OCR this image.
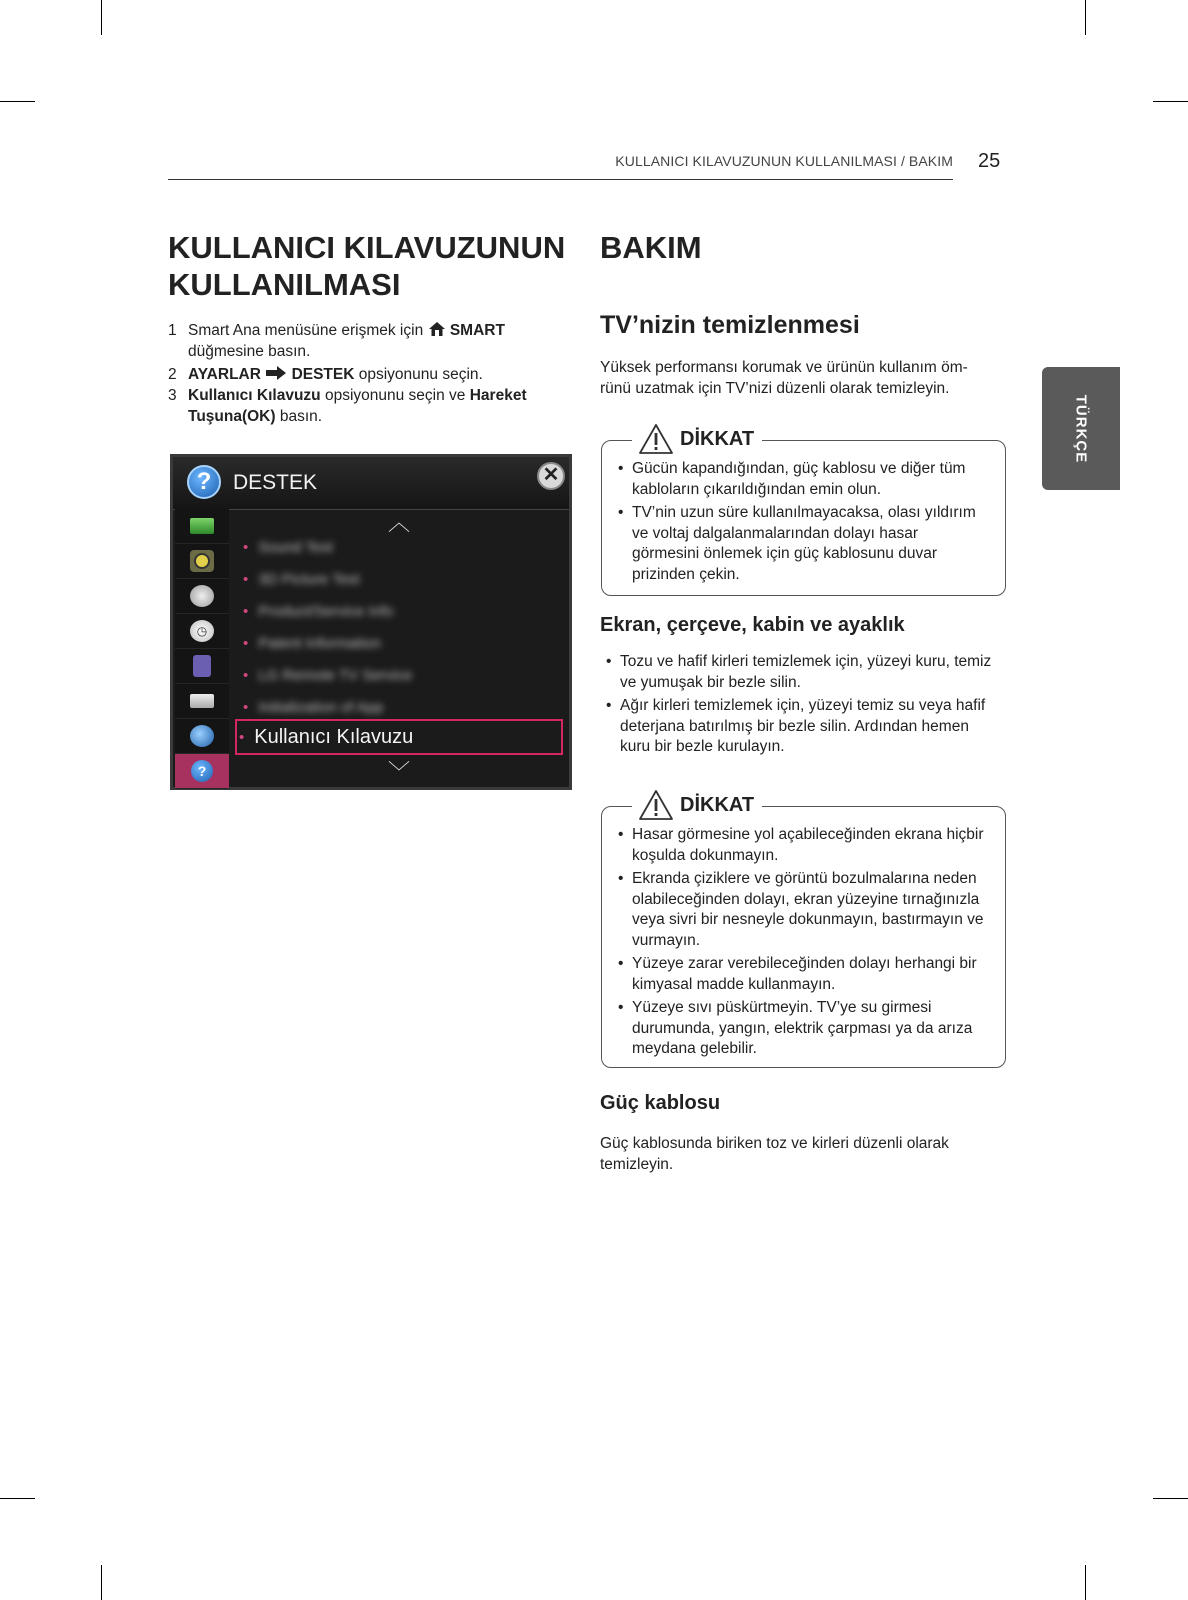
KULLANICI KILAVUZUNUN KULLANILMASI / BAKIM 25
TÜRKÇE
KULLANICI KILAVUZUNUN KULLANILMASI
1 Smart Ana menüsüne erişmek için SMART
düğmesine basın.
2 AYARLAR DESTEK opsiyonunu seçin.
3 Kullanıcı Kılavuzu opsiyonunu seçin ve Hareket Tuşuna(OK) basın.
?	DESTEK	✕
◷
?
︿
• Sound Test
• 3D Picture Test
• Product/Service Info
• Patent Information
• LG Remote TV Service
• Initialization of App
• Kullanıcı Kılavuzu
﹀
BAKIM
TV’nizin temizlenmesi

Yüksek performansı korumak ve ürünün kullanım öm-
rünü uzatmak için TV’nizi düzenli olarak temizleyin.

DİKKAT
• Gücün kapandığından, güç kablosu ve diğer tüm kabloların çıkarıldığından emin olun.
• TV’nin uzun süre kullanılmayacaksa, olası yıldırım ve voltaj dalgalanmalarından dolayı hasar görmesini önlemek için güç kablosunu duvar prizinden çekin.
Ekran, çerçeve, kabin ve ayaklık
• Tozu ve hafif kirleri temizlemek için, yüzeyi kuru, temiz ve yumuşak bir bezle silin.
• Ağır kirleri temizlemek için, yüzeyi temiz su veya hafif deterjana batırılmış bir bezle silin. Ardından hemen kuru bir bezle kurulayın.
DİKKAT
• Hasar görmesine yol açabileceğinden ekrana hiçbir koşulda dokunmayın.
• Ekranda çiziklere ve görüntü bozulmalarına neden olabileceğinden dolayı, ekran yüzeyine tırnağınızla veya sivri bir nesneyle dokunmayın, bastırmayın ve vurmayın.
• Yüzeye zarar verebileceğinden dolayı herhangi bir kimyasal madde kullanmayın.
• Yüzeye sıvı püskürtmeyin. TV’ye su girmesi durumunda, yangın, elektrik çarpması ya da arıza meydana gelebilir.
Güç kablosu

Güç kablosunda biriken toz ve kirleri düzenli olarak temizleyin.
